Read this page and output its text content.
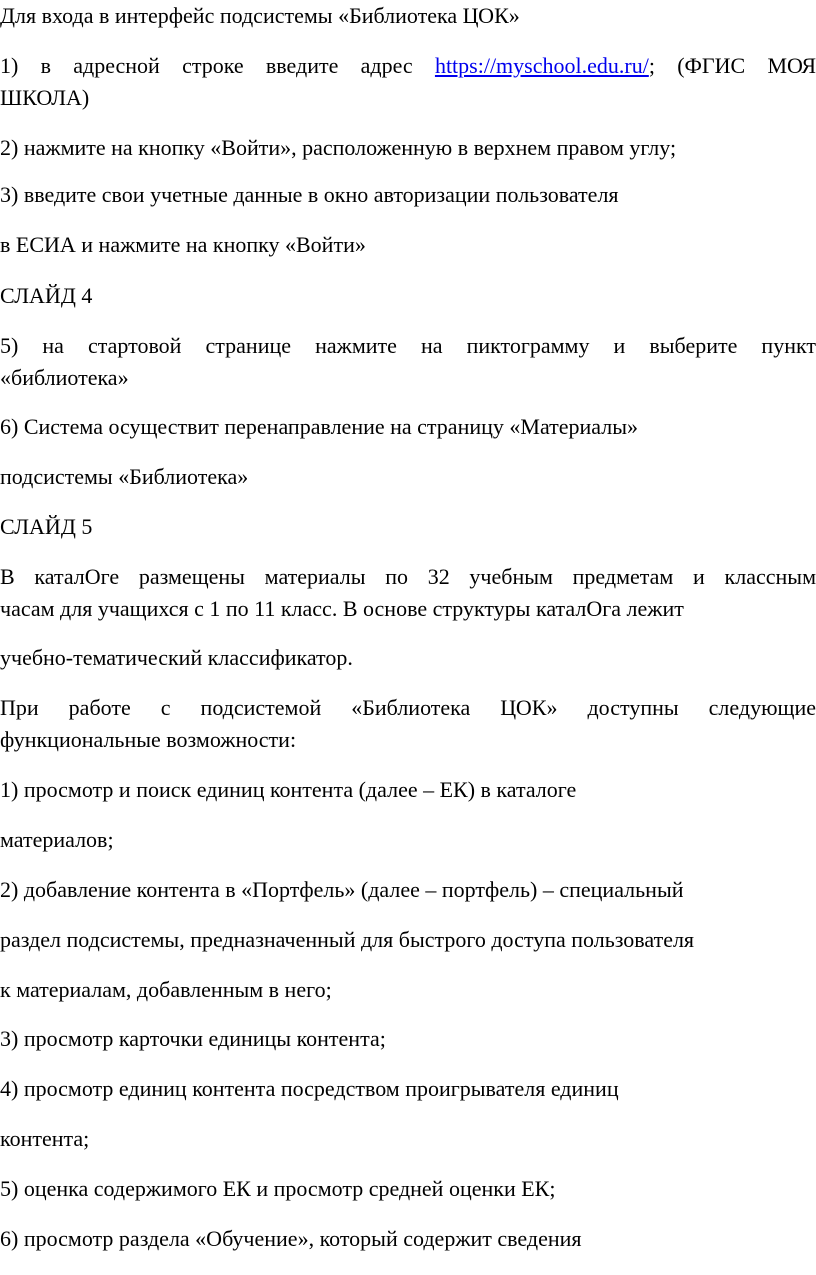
Для входа в интерфейс подсистемы «Библиотека ЦОК»

1) в адресной строке введите адрес https://myschool.edu.ru/; (ФГИС МОЯ

ШКОЛА)

2) нажмите на кнопку «Войти», расположенную в верхнем правом углу;

3) введите свои учетные данные в окно авторизации пользователя

в ЕСИА и нажмите на кнопку «Войти»

СЛАЙД 4

5) на стартовой странице нажмите на пиктограмму и выберите пункт

«библиотека»

6) Система осуществит перенаправление на страницу «Материалы»

подсистемы «Библиотека»

СЛАЙД 5

В каталОге размещены материалы по 32 учебным предметам и классным

часам для учащихся с 1 по 11 класс. В основе структуры каталОга лежит

учебно-тематический классификатор.

При работе с подсистемой «Библиотека ЦОК» доступны следующие

функциональные возможности:

1) просмотр и поиск единиц контента (далее – ЕК) в каталоге

материалов;

2) добавление контента в «Портфель» (далее – портфель) – специальный

раздел подсистемы, предназначенный для быстрого доступа пользователя

к материалам, добавленным в него;

3) просмотр карточки единицы контента;

4) просмотр единиц контента посредством проигрывателя единиц

контента;

5) оценка содержимого ЕК и просмотр средней оценки ЕК;

6) просмотр раздела «Обучение», который содержит сведения
